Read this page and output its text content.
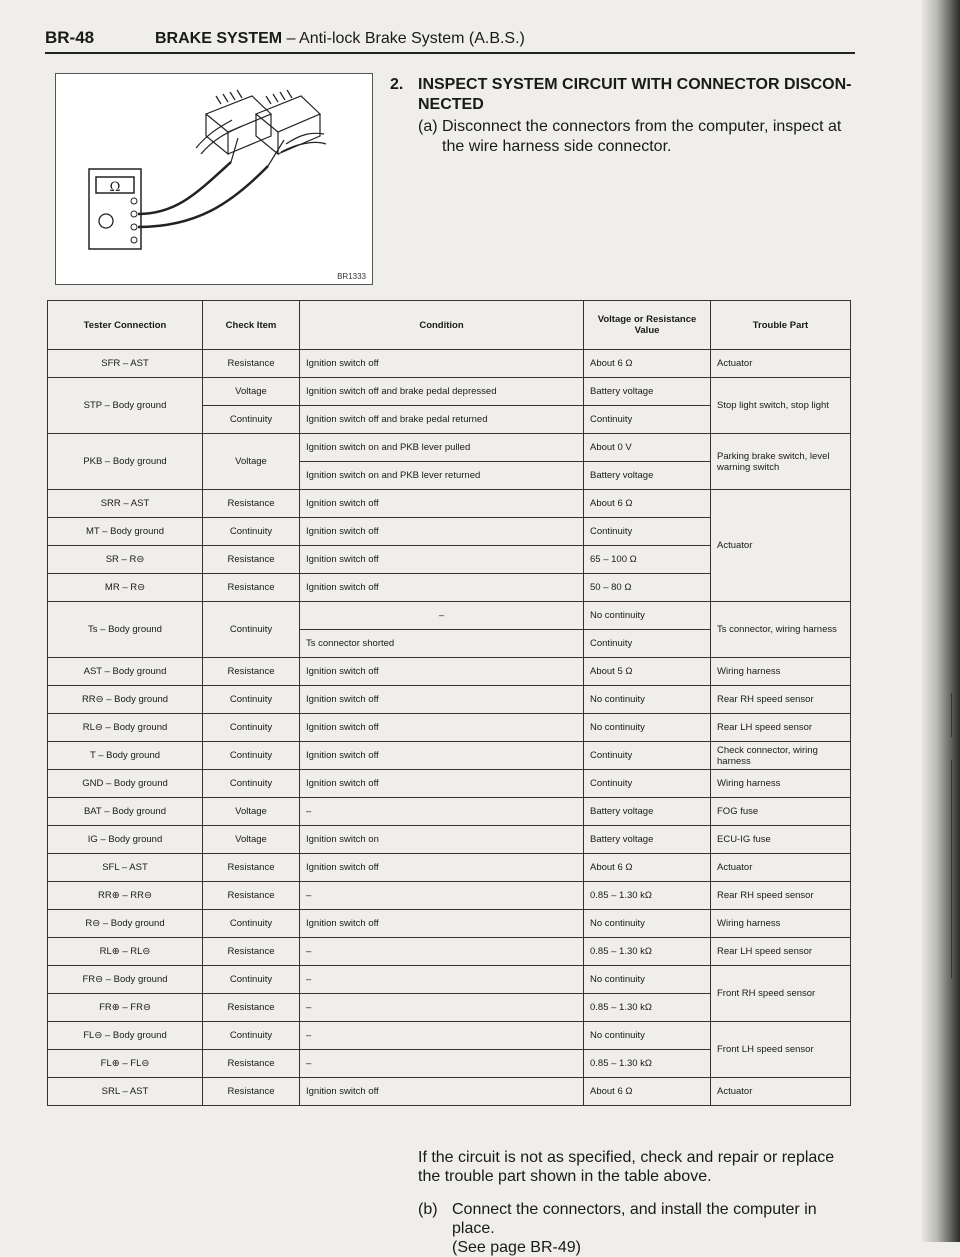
BR-48	BRAKE SYSTEM – Anti-lock Brake System (A.B.S.)
Ω
BR1333
2. INSPECT SYSTEM CIRCUIT WITH CONNECTOR DISCON-NECTED
(a) Disconnect the connectors from the computer, inspect at the wire harness side connector.
Tester Connection	Check Item	Condition	Voltage or Resistance Value	Trouble Part
SFR – AST	Resistance	Ignition switch off	About 6 Ω	Actuator
STP – Body ground	Voltage	Ignition switch off and brake pedal depressed	Battery voltage	Stop light switch, stop light
	Continuity	Ignition switch off and brake pedal returned	Continuity	
PKB – Body ground	Voltage	Ignition switch on and PKB lever pulled	About 0 V	Parking brake switch, level warning switch
		Ignition switch on and PKB lever returned	Battery voltage	
SRR – AST	Resistance	Ignition switch off	About 6 Ω	Actuator
MT – Body ground	Continuity	Ignition switch off	Continuity	
SR – R⊖	Resistance	Ignition switch off	65 – 100 Ω	
MR – R⊖	Resistance	Ignition switch off	50 – 80 Ω	
Ts – Body ground	Continuity	–	No continuity	Ts connector, wiring harness
		Ts connector shorted	Continuity	
AST – Body ground	Resistance	Ignition switch off	About 5 Ω	Wiring harness
RR⊖ – Body ground	Continuity	Ignition switch off	No continuity	Rear RH speed sensor
RL⊖ – Body ground	Continuity	Ignition switch off	No continuity	Rear LH speed sensor
T – Body ground	Continuity	Ignition switch off	Continuity	Check connector, wiring harness
GND – Body ground	Continuity	Ignition switch off	Continuity	Wiring harness
BAT – Body ground	Voltage	–	Battery voltage	FOG fuse
IG – Body ground	Voltage	Ignition switch on	Battery voltage	ECU-IG fuse
SFL – AST	Resistance	Ignition switch off	About 6 Ω	Actuator
RR⊕ – RR⊖	Resistance	–	0.85 – 1.30 kΩ	Rear RH speed sensor
R⊖ – Body ground	Continuity	Ignition switch off	No continuity	Wiring harness
RL⊕ – RL⊖	Resistance	–	0.85 – 1.30 kΩ	Rear LH speed sensor
FR⊖ – Body ground	Continuity	–	No continuity	Front RH speed sensor
FR⊕ – FR⊖	Resistance	–	0.85 – 1.30 kΩ	
FL⊖ – Body ground	Continuity	–	No continuity	Front LH speed sensor
FL⊕ – FL⊖	Resistance	–	0.85 – 1.30 kΩ	
SRL – AST	Resistance	Ignition switch off	About 6 Ω	Actuator
If the circuit is not as specified, check and repair or replace the trouble part shown in the table above.
(b) Connect the connectors, and install the computer in place.
(See page BR-49)
